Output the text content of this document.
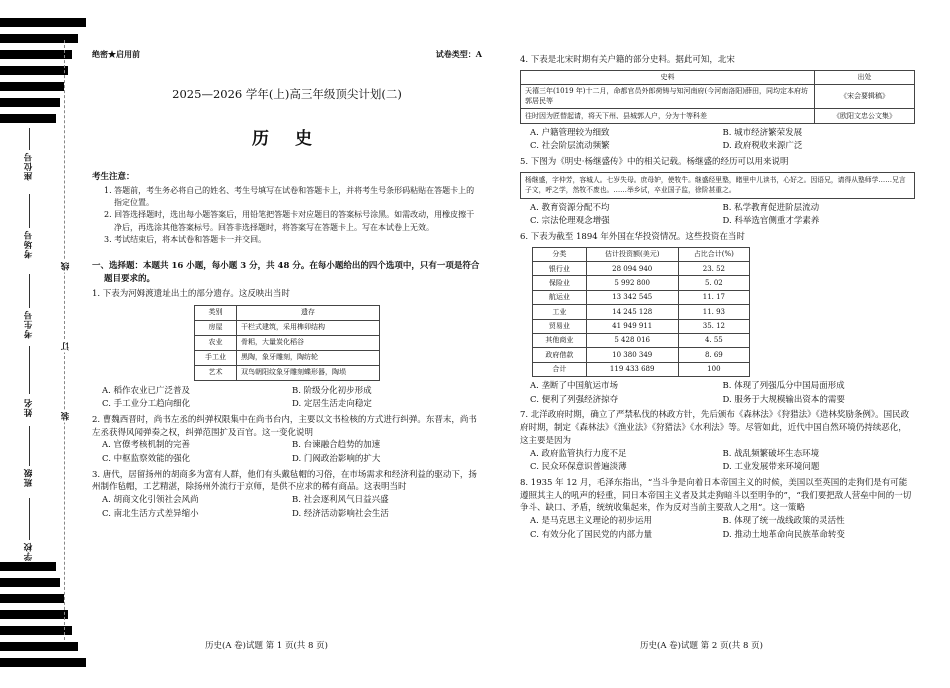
座位号
考场号
考生号
姓名
班级
学校
线
订
装
绝密★启用前	试卷类型：A
2025—2026 学年(上)高三年级顶尖计划(二)
历 史
考生注意：
1. 答题前，考生务必将自己的姓名、考生号填写在试卷和答题卡上，并将考生号条形码粘贴在答题卡上的指定位置。
2. 回答选择题时，选出每小题答案后，用铅笔把答题卡对应题目的答案标号涂黑。如需改动，用橡皮擦干净后，再选涂其他答案标号。回答非选择题时，将答案写在答题卡上。写在本试卷上无效。
3. 考试结束后，将本试卷和答题卡一并交回。
一、选择题：本题共 16 小题，每小题 3 分，共 48 分。在每小题给出的四个选项中，只有一项是符合题目要求的。
1. 下表为河姆渡遗址出土的部分遗存。这反映出当时
类别	遗存
房屋	干栏式建筑，采用榫卯结构
农业	骨耜，大量炭化稻谷
手工业	黑陶，象牙雕刻，陶纺轮
艺术	双鸟朝阳纹象牙雕刻蝶形器，陶埙
A. 稻作农业已广泛普及	B. 阶级分化初步形成
C. 手工业分工趋向细化	D. 定居生活走向稳定
2. 曹魏西晋时，尚书左丞的纠弹权限集中在尚书台内，主要以文书检核的方式进行纠弹。东晋末，尚书左丞获得风闻弹奏之权，纠弹范围扩及百官。这一变化说明
A. 官僚考核机制的完善	B. 台谏融合趋势的加速
C. 中枢监察效能的强化	D. 门阀政治影响的扩大
3. 唐代，居留扬州的胡商多为富有人群，他们有头戴毡帽的习俗，在市场需求和经济利益的驱动下，扬州制作毡帽，工艺精湛，除扬州外流行于京师，是供不应求的稀有商品。这表明当时
A. 胡商文化引领社会风尚	B. 社会逐利风气日益兴盛
C. 南北生活方式差异缩小	D. 经济活动影响社会生活
历史(A 卷)试题 第 1 页(共 8 页)
4. 下表是北宋时期有关户籍的部分史料。据此可知，北宋
史料	出处
天禧三年(1019 年)十二月，命都官员外郎荷铸与知河南府(今河南洛阳)薛田，同均定本府坊郭居民等	《宋会要辑稿》
往时因为匠替起请，将天下州、县城郭人户，分为十等科差	《欧阳文忠公文集》
A. 户籍管理较为细致	B. 城市经济繁荣发展
C. 社会阶层流动频繁	D. 政府税收来源广泛
5. 下图为《明史·杨继盛传》中的相关记载。杨继盛的经历可以用来说明
杨继盛，字仲芳，容城人。七岁失母。庶母妒，使牧牛。继盛经里塾，睹里中儿读书，心好之。因语兄，请得从塾师学……兄言子文，呼之学，然牧不废也。……举乡试，卒业国子监，徐阶甚重之。
A. 教育资源分配不均	B. 私学教育促进阶层流动
C. 宗法伦理观念增强	D. 科举选官侧重才学素养
6. 下表为截至 1894 年外国在华投资情况。这些投资在当时
分类	估计投资额(美元)	占比合计(%)
银行业	28 094 940	23. 52
保险业	5 992 800	5. 02
航运业	13 342 545	11. 17
工业	14 245 128	11. 93
贸易业	41 949 911	35. 12
其他商业	5 428 016	4. 55
政府借款	10 380 349	8. 69
合计	119 433 689	100
A. 垄断了中国航运市场	B. 体现了列强瓜分中国局面形成
C. 便利了列强经济掠夺	D. 服务于大规模输出资本的需要
7. 北洋政府时期，确立了严禁私伐的林政方针，先后颁布《森林法》《狩猎法》《造林奖励条例》。国民政府时期，制定《森林法》《渔业法》《狩猎法》《水利法》等。尽管如此，近代中国自然环境仍持续恶化，这主要是因为
A. 政府监管执行力度不足	B. 战乱频繁破坏生态环境
C. 民众环保意识普遍淡薄	D. 工业发展带来环境问题
8. 1935 年 12 月，毛泽东指出，“当斗争是向着日本帝国主义的时候，美国以至英国的走狗们是有可能遵照其主人的吼声的轻重，同日本帝国主义者及其走狗暗斗以至明争的”，“我们要把敌人营垒中间的一切争斗、缺口、矛盾，统统收集起来，作为反对当前主要敌人之用”。这一策略
A. 是马克思主义理论的初步运用	B. 体现了统一战线政策的灵活性
C. 有效分化了国民党的内部力量	D. 推动土地革命向民族革命转变
历史(A 卷)试题 第 2 页(共 8 页)
